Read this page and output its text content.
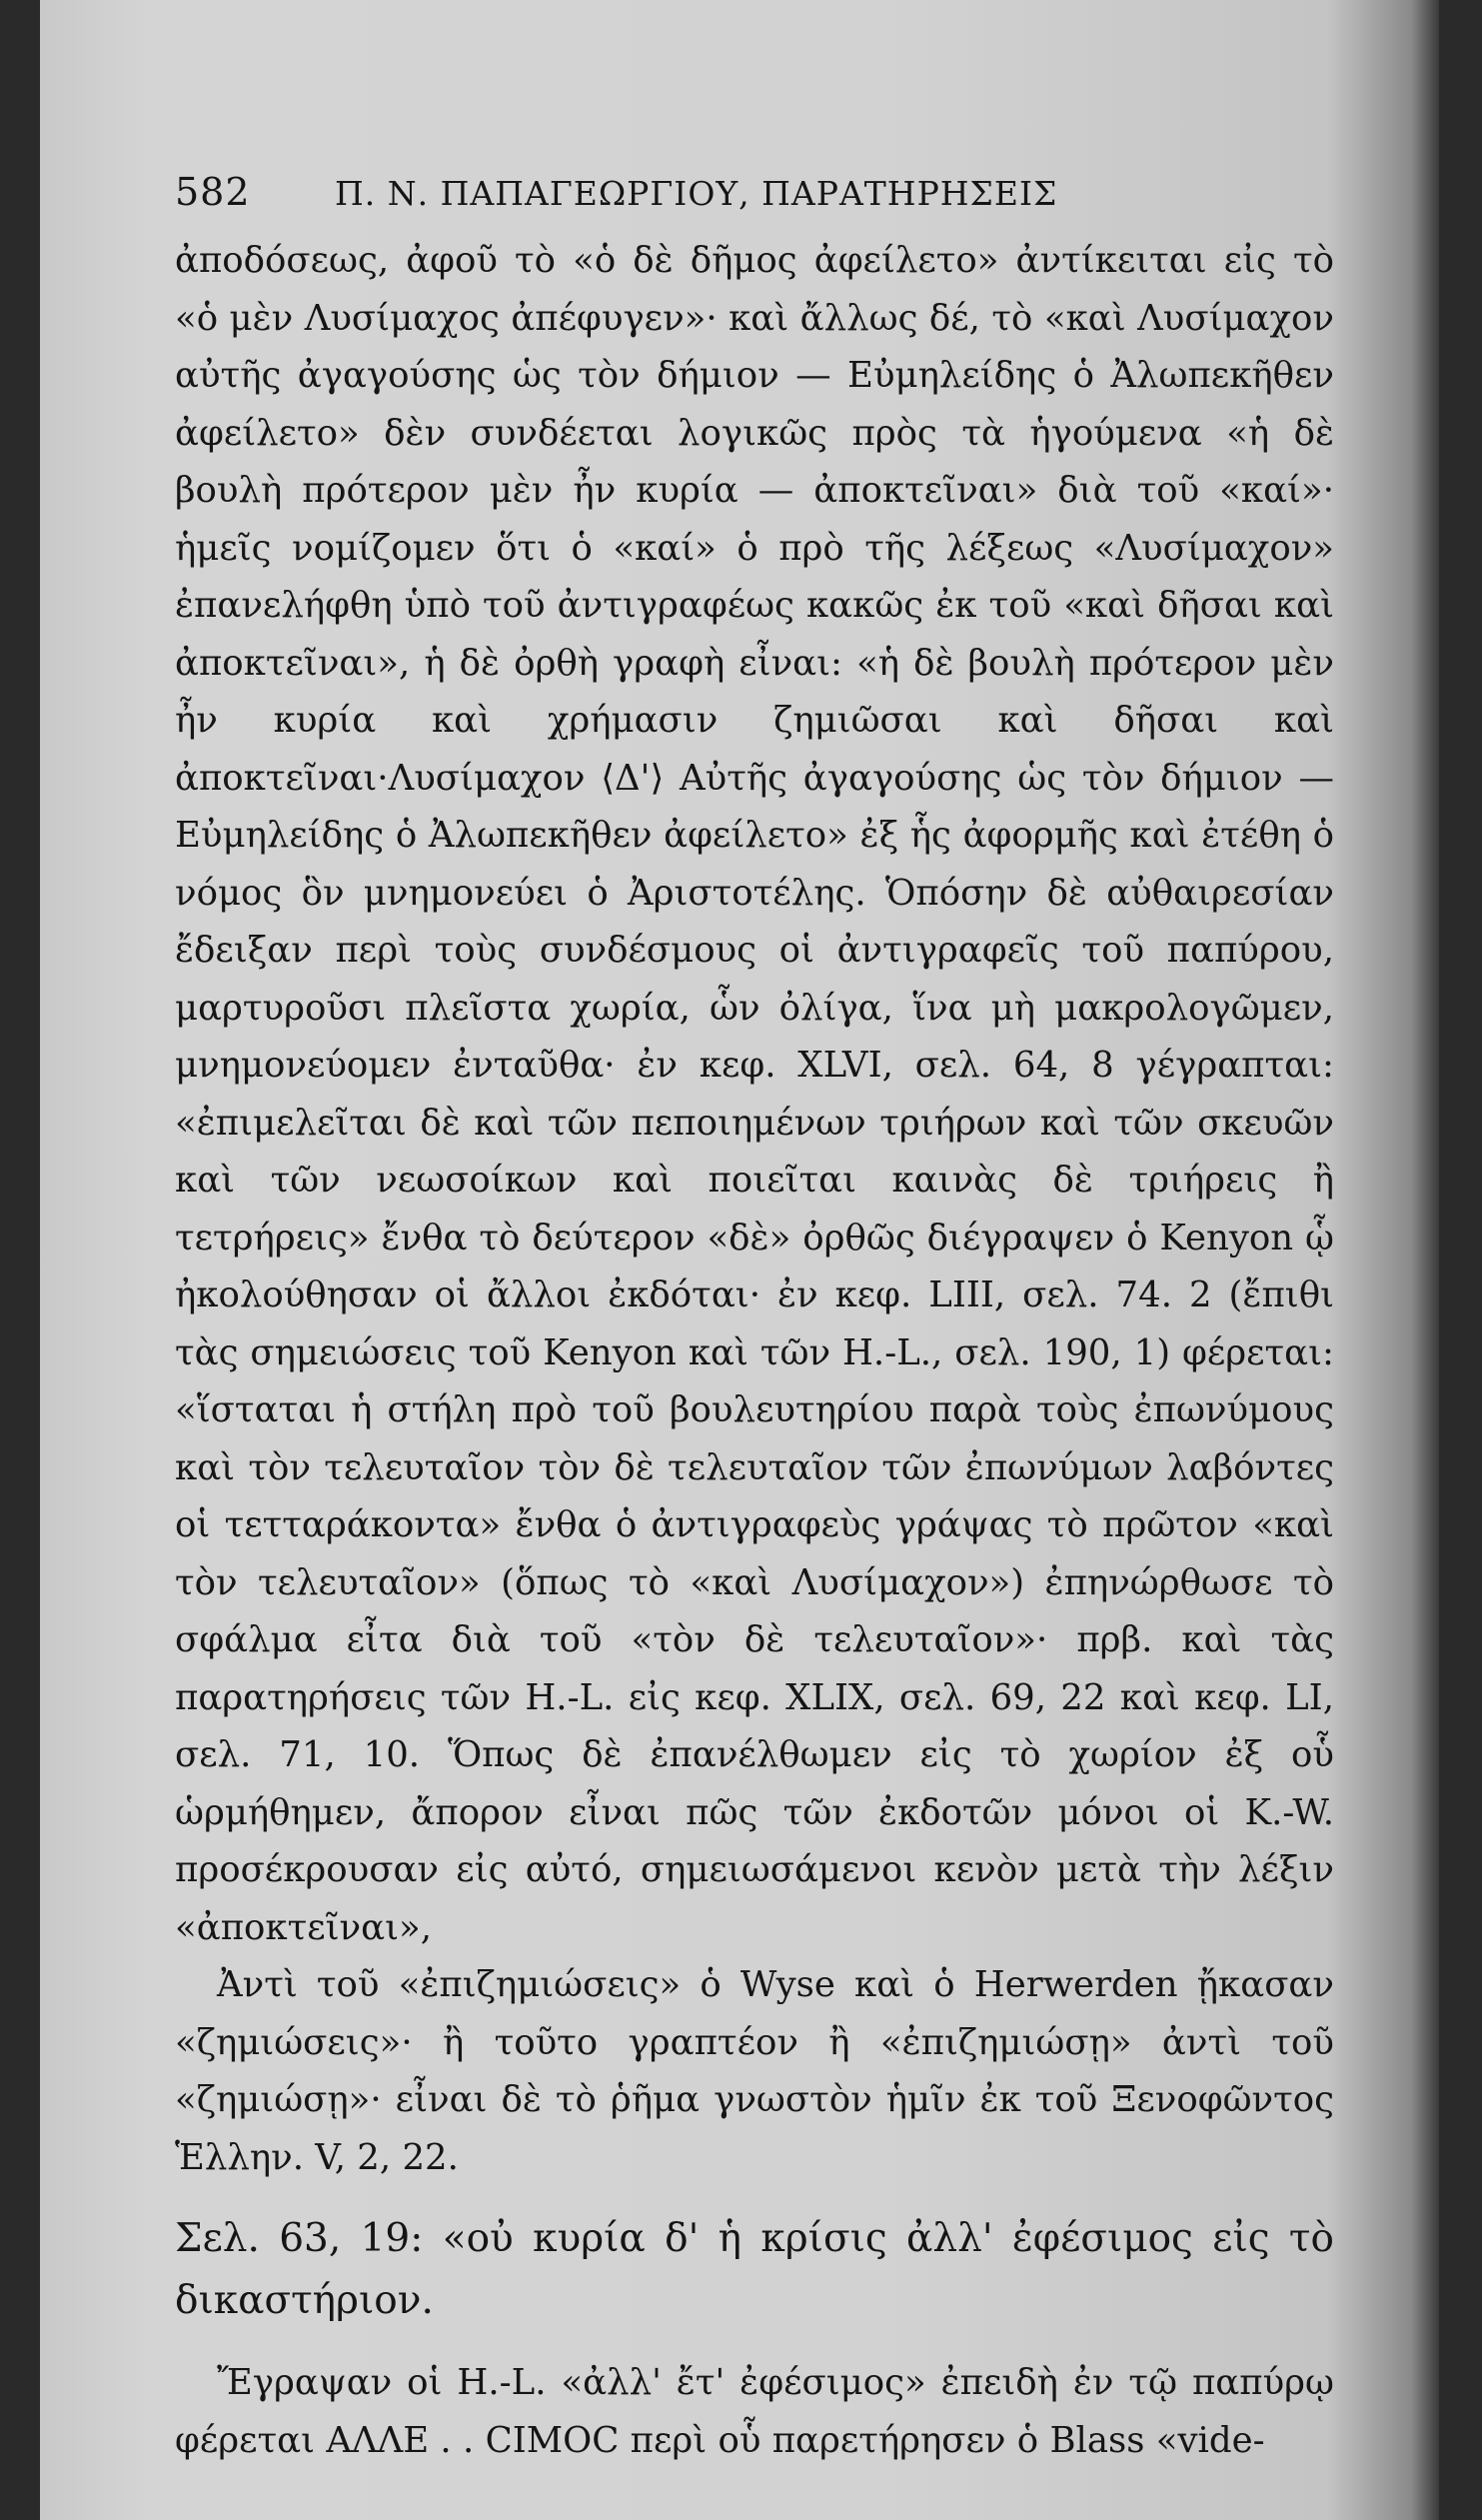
582	Π. Ν. ΠΑΠΑΓΕΩΡΓΙΟΥ, ΠΑΡΑΤΗΡΗΣΕΙΣ

ἀποδόσεως, ἀφοῦ τὸ «ὁ δὲ δῆμος ἀφείλετο» ἀντίκειται εἰς τὸ «ὁ μὲν Λυσίμαχος ἀπέφυγεν»· καὶ ἄλλως δέ, τὸ «καὶ Λυσίμαχον αὐτῆς ἀγαγούσης ὡς τὸν δήμιον — Εὐμηλείδης ὁ Ἀλωπεκῆθεν ἀφείλετο» δὲν συνδέεται λογικῶς πρὸς τὰ ἡγούμενα «ἡ δὲ βουλὴ πρότερον μὲν ἦν κυρία — ἀποκτεῖναι» διὰ τοῦ «καί»· ἡμεῖς νομίζομεν ὅτι ὁ «καί» ὁ πρὸ τῆς λέξεως «Λυσίμαχον» ἐπανελήφθη ὑπὸ τοῦ ἀντιγραφέως κακῶς ἐκ τοῦ «καὶ δῆσαι καὶ ἀποκτεῖναι», ἡ δὲ ὀρθὴ γραφὴ εἶναι: «ἡ δὲ βουλὴ πρότερον μὲν ἦν κυρία καὶ χρήμασιν ζημιῶσαι καὶ δῆσαι καὶ ἀποκτεῖναι·Λυσίμαχον ⟨Δ'⟩ Αὐτῆς ἀγαγούσης ὡς τὸν δήμιον — Εὐμηλείδης ὁ Ἀλωπεκῆθεν ἀφείλετο» ἐξ ἧς ἀφορμῆς καὶ ἐτέθη ὁ νόμος ὃν μνημονεύει ὁ Ἀριστοτέλης. Ὁπόσην δὲ αὐθαιρεσίαν ἔδειξαν περὶ τοὺς συνδέσμους οἱ ἀντιγραφεῖς τοῦ παπύρου, μαρτυροῦσι πλεῖστα χωρία, ὧν ὀλίγα, ἵνα μὴ μακρολογῶμεν, μνημονεύομεν ἐνταῦθα· ἐν κεφ. XLVI, σελ. 64, 8 γέγραπται: «ἐπιμελεῖται δὲ καὶ τῶν πεποιημένων τριήρων καὶ τῶν σκευῶν καὶ τῶν νεωσοίκων καὶ ποιεῖται καινὰς δὲ τριήρεις ἢ τετρήρεις» ἔνθα τὸ δεύτερον «δὲ» ὀρθῶς διέγραψεν ὁ Kenyon ᾧ ἠκολούθησαν οἱ ἄλλοι ἐκδόται· ἐν κεφ. LIII, σελ. 74. 2 (ἔπιθι τὰς σημειώσεις τοῦ Kenyon καὶ τῶν H.-L., σελ. 190, 1) φέρεται: «ἵσταται ἡ στήλη πρὸ τοῦ βουλευτηρίου παρὰ τοὺς ἐπωνύμους καὶ τὸν τελευταῖον τὸν δὲ τελευταῖον τῶν ἐπωνύμων λαβόντες οἱ τετταράκοντα» ἔνθα ὁ ἀντιγραφεὺς γράψας τὸ πρῶτον «καὶ τὸν τελευταῖον» (ὅπως τὸ «καὶ Λυσίμαχον») ἐπηνώρθωσε τὸ σφάλμα εἶτα διὰ τοῦ «τὸν δὲ τελευταῖον»· πρβ. καὶ τὰς παρατηρήσεις τῶν H.-L. εἰς κεφ. XLIX, σελ. 69, 22 καὶ κεφ. LI, σελ. 71, 10. Ὅπως δὲ ἐπανέλθωμεν εἰς τὸ χωρίον ἐξ οὗ ὡρμήθημεν, ἄπορον εἶναι πῶς τῶν ἐκδοτῶν μόνοι οἱ K.-W. προσέκρουσαν εἰς αὐτό, σημειωσάμενοι κενὸν μετὰ τὴν λέξιν «ἀποκτεῖναι»,

Ἀντὶ τοῦ «ἐπιζημιώσεις» ὁ Wyse καὶ ὁ Herwerden ᾔκασαν «ζημιώσεις»· ἢ τοῦτο γραπτέον ἢ «ἐπιζημιώσῃ» ἀντὶ τοῦ «ζημιώσῃ»· εἶναι δὲ τὸ ῥῆμα γνωστὸν ἡμῖν ἐκ τοῦ Ξενοφῶντος Ἑλλην. V, 2, 22.

Σελ. 63, 19: «οὐ κυρία δ' ἡ κρίσις ἀλλ' ἐφέσιμος εἰς τὸ δικαστήριον.

Ἔγραψαν οἱ H.-L. «ἀλλ' ἔτ' ἐφέσιμος» ἐπειδὴ ἐν τῷ παπύρῳ φέρεται ΑΛΛΕ . . CΙΜΟC περὶ οὗ παρετήρησεν ὁ Blass «vide-
